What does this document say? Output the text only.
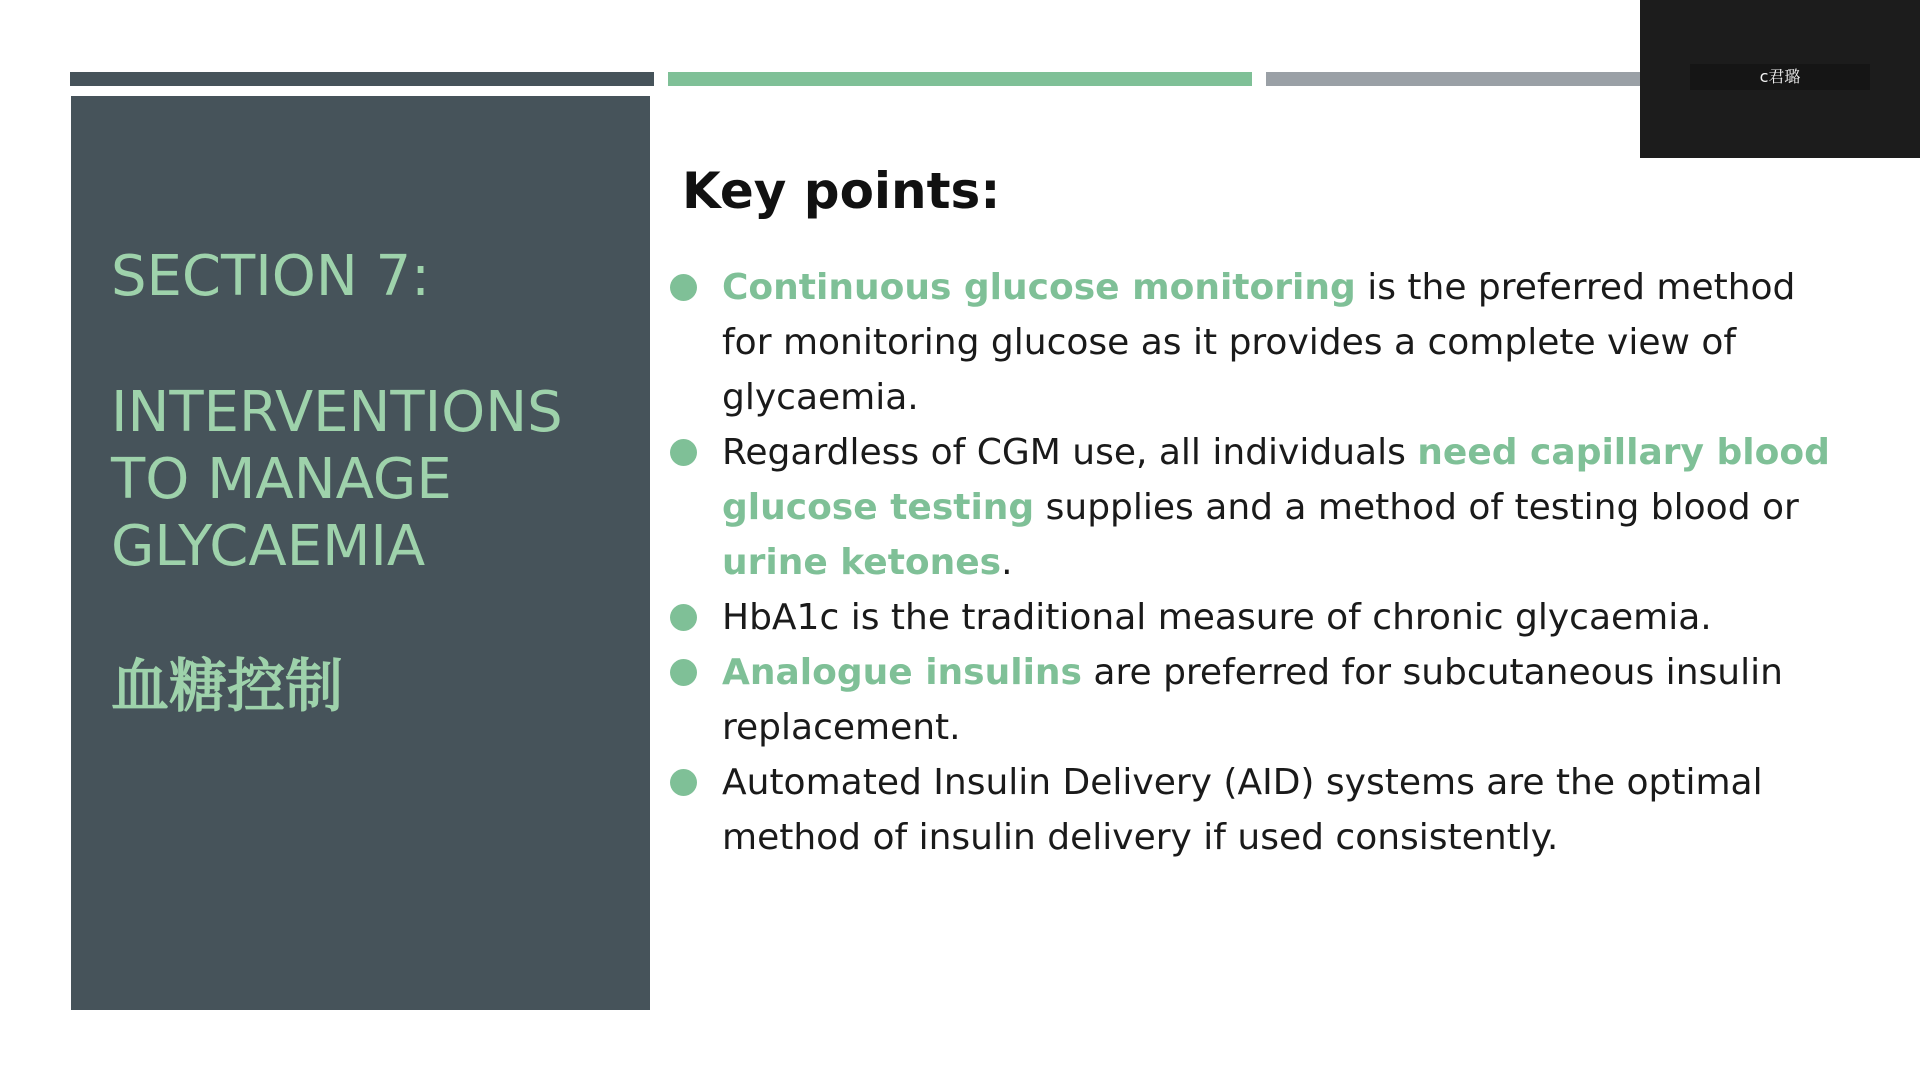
SECTION 7:
INTERVENTIONS TO MANAGE GLYCAEMIA
血糖控制
Key points:
Continuous glucose monitoring is the preferred method for monitoring glucose as it provides a complete view of glycaemia.
Regardless of CGM use, all individuals need capillary blood glucose testing supplies and a method of testing blood or urine ketones.
HbA1c is the traditional measure of chronic glycaemia.
Analogue insulins are preferred for subcutaneous insulin replacement.
Automated Insulin Delivery (AID) systems are the optimal method of insulin delivery if used consistently.
c君璐
